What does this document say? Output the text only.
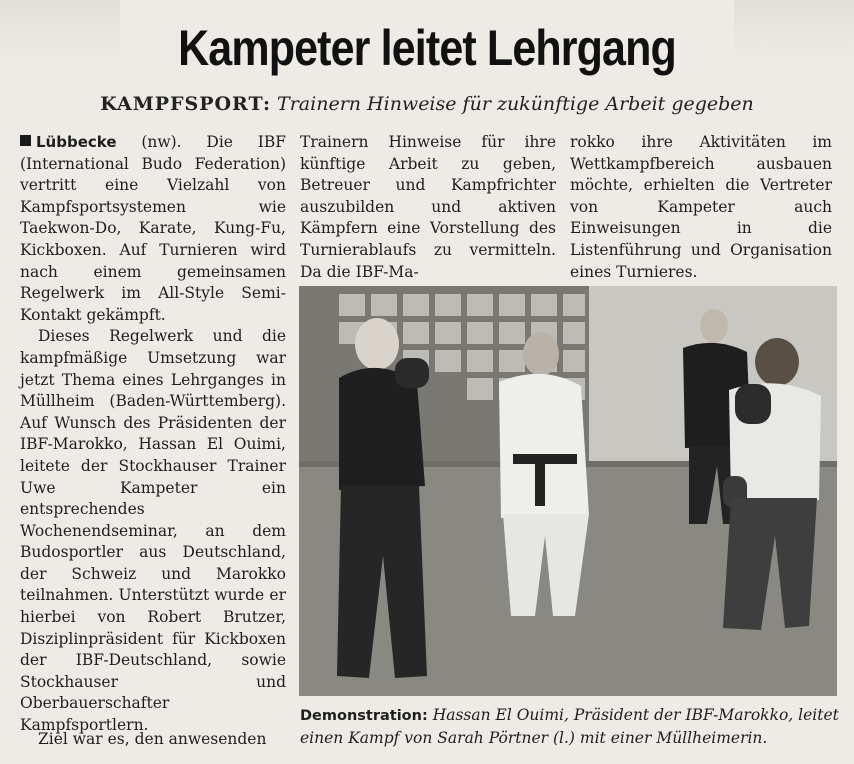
Kampeter leitet Lehrgang
KAMPFSPORT: Trainern Hinweise für zukünftige Arbeit gegeben

Lübbecke (nw). Die IBF (International Budo Federation) vertritt eine Vielzahl von Kampfsportsystemen wie Taekwon-Do, Karate, Kung-Fu, Kickboxen. Auf Turnieren wird nach einem gemeinsamen Regelwerk im All-Style Semi-Kontakt gekämpft.

Dieses Regelwerk und die kampfmäßige Umsetzung war jetzt Thema eines Lehrganges in Müllheim (Baden-Württemberg). Auf Wunsch des Präsidenten der IBF-Marokko, Hassan El Ouimi, leitete der Stockhauser Trainer Uwe Kampeter ein entsprechendes Wochenendseminar, an dem Budosportler aus Deutschland, der Schweiz und Marokko teilnahmen. Unterstützt wurde er hierbei von Robert Brutzer, Disziplinpräsident für Kickboxen der IBF-Deutschland, sowie Stockhauser und Oberbauerschafter Kampfsportlern.

Ziel war es, den anwesenden

Trainern Hinweise für ihre künftige Arbeit zu geben, Betreuer und Kampfrichter auszubilden und aktiven Kämpfern eine Vorstellung des Turnierablaufs zu vermitteln. Da die IBF-Ma-

rokko ihre Aktivitäten im Wettkampfbereich ausbauen möchte, erhielten die Vertreter von Kampeter auch Einweisungen in die Listenführung und Organisation eines Turnieres.

Demonstration: Hassan El Ouimi, Präsident der IBF-Marokko, leitet einen Kampf von Sarah Pörtner (l.) mit einer Müllheimerin.
